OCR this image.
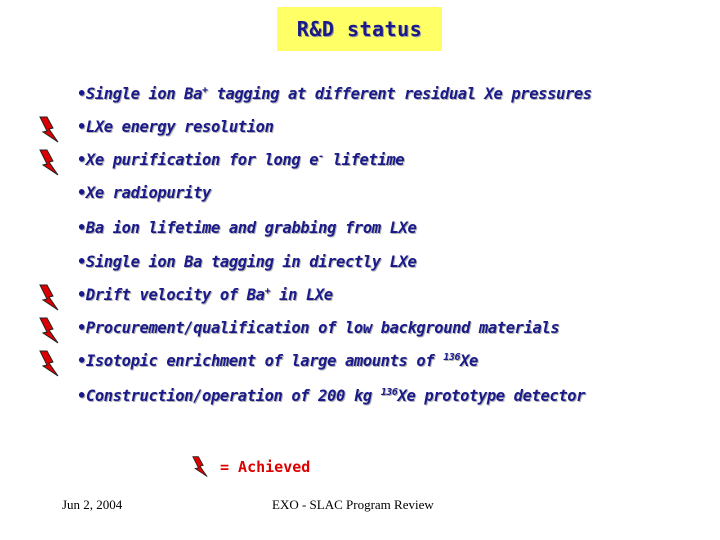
R&D status
•Single ion Ba+ tagging at different residual Xe pressures
•LXe energy resolution
•Xe purification for long e- lifetime
•Xe radiopurity
•Ba ion lifetime and grabbing from LXe
•Single ion Ba tagging in directly LXe
•Drift velocity of Ba+ in LXe
•Procurement/qualification of low background materials
•Isotopic enrichment of large amounts of $^{136}$Xe
•Construction/operation of 200 kg $^{136}$Xe prototype detector
= Achieved
Jun 2, 2004	EXO - SLAC Program Review
